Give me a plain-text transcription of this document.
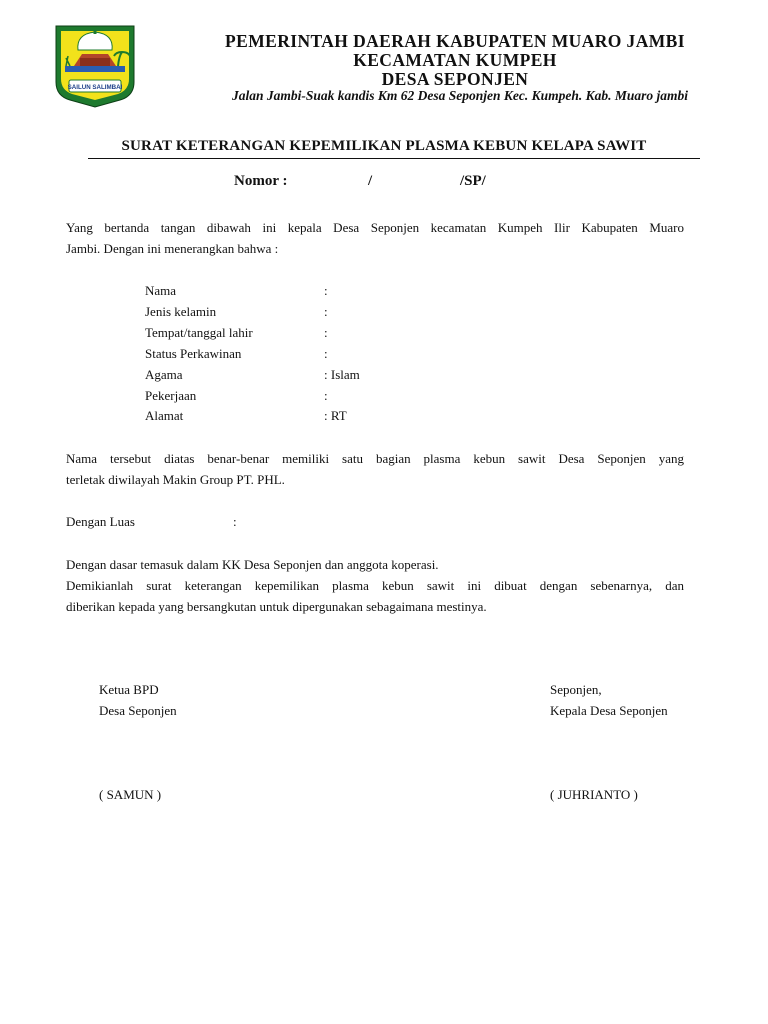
SAILUN SALIMBAI
PEMERINTAH DAERAH KABUPATEN MUARO JAMBI
KECAMATAN KUMPEH
DESA SEPONJEN
Jalan Jambi-Suak kandis Km 62 Desa Seponjen Kec. Kumpeh. Kab. Muaro jambi
SURAT KETERANGAN KEPEMILIKAN PLASMA KEBUN KELAPA SAWIT
Nomor :	/	/SP/
Yang bertanda tangan dibawah ini kepala Desa Seponjen kecamatan Kumpeh Ilir Kabupaten Muaro
Jambi. Dengan ini menerangkan bahwa :
Nama	:
Jenis kelamin	:
Tempat/tanggal lahir	:
Status Perkawinan	:
Agama	: Islam
Pekerjaan	:
Alamat	: RT
Nama tersebut diatas benar-benar memiliki satu bagian plasma kebun sawit Desa Seponjen yang
terletak diwilayah Makin Group PT. PHL.
Dengan Luas	:
Dengan dasar temasuk dalam KK Desa Seponjen dan anggota koperasi.
Demikianlah surat keterangan kepemilikan plasma kebun sawit ini dibuat dengan sebenarnya, dan
diberikan kepada yang bersangkutan untuk dipergunakan sebagaimana mestinya.
Ketua BPD
Desa Seponjen
( SAMUN )
Seponjen,
Kepala Desa Seponjen
( JUHRIANTO )
